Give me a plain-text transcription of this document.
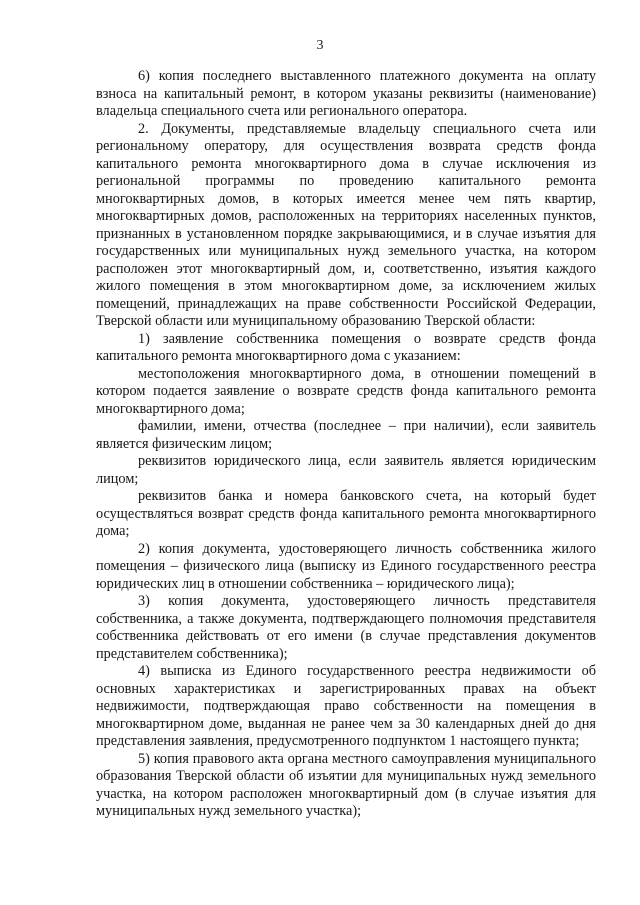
3

6) копия последнего выставленного платежного документа на оплату взноса на капитальный ремонт, в котором указаны реквизиты (наименование) владельца специального счета или регионального оператора.

2. Документы, представляемые владельцу специального счета или региональному оператору, для осуществления возврата средств фонда капитального ремонта многоквартирного дома в случае исключения из региональной программы по проведению капитального ремонта многоквартирных домов, в которых имеется менее чем пять квартир, многоквартирных домов, расположенных на территориях населенных пунктов, признанных в установленном порядке закрывающимися, и в случае изъятия для государственных или муниципальных нужд земельного участка, на котором расположен этот многоквартирный дом, и, соответственно, изъятия каждого жилого помещения в этом многоквартирном доме, за исключением жилых помещений, принадлежащих на праве собственности Российской Федерации, Тверской области или муниципальному образованию Тверской области:

1) заявление собственника помещения о возврате средств фонда капитального ремонта многоквартирного дома с указанием:

местоположения многоквартирного дома, в отношении помещений в котором подается заявление о возврате средств фонда капитального ремонта многоквартирного дома;

фамилии, имени, отчества (последнее – при наличии), если заявитель является физическим лицом;

реквизитов юридического лица, если заявитель является юридическим лицом;

реквизитов банка и номера банковского счета, на который будет осуществляться возврат средств фонда капитального ремонта многоквартирного дома;

2) копия документа, удостоверяющего личность собственника жилого помещения – физического лица (выписку из Единого государственного реестра юридических лиц в отношении собственника – юридического лица);

3) копия документа, удостоверяющего личность представителя собственника, а также документа, подтверждающего полномочия представителя собственника действовать от его имени (в случае представления документов представителем собственника);

4) выписка из Единого государственного реестра недвижимости об основных характеристиках и зарегистрированных правах на объект недвижимости, подтверждающая право собственности на помещения в многоквартирном доме, выданная не ранее чем за 30 календарных дней до дня представления заявления, предусмотренного подпунктом 1 настоящего пункта;

5) копия правового акта органа местного самоуправления муниципального образования Тверской области об изъятии для муниципальных нужд земельного участка, на котором расположен многоквартирный дом (в случае изъятия для муниципальных нужд земельного участка);
